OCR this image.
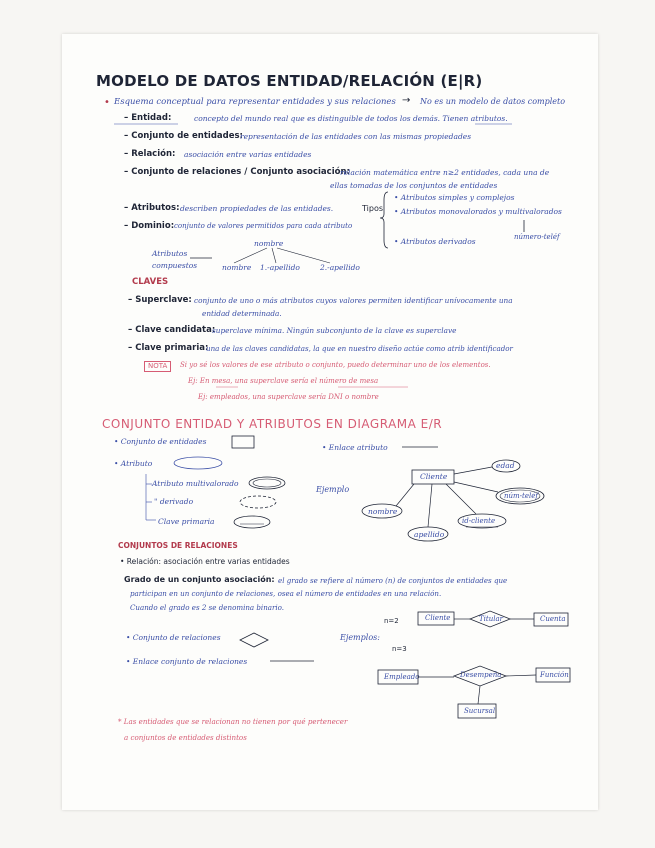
MODELO DE DATOS ENTIDAD/RELACIÓN (E|R)
• Esquema conceptual para representar entidades y sus relaciones → No es un modelo de datos completo
– Entidad:	concepto del mundo real que es distinguible de todos los demás. Tienen atributos.
– Conjunto de entidades:
representación de las entidades con las mismas propiedades
– Relación: asociación entre varias entidades
– Conjunto de relaciones / Conjunto asociación:
relación matemática entre n≥2 entidades, cada una de
ellas tomadas de los conjuntos de entidades
– Atributos: describen propiedades de las entidades.	Tipos
• Atributos simples y complejos
• Atributos monovalorados y multivalorados
número-teléf
• Atributos derivados
– Dominio: conjunto de valores permitidos para cada atributo
Atributos
compuestos
nombre
nombre 1.-apellido	2.-apellido
CLAVES
– Superclave: conjunto de uno o más atributos cuyos valores permiten identificar unívocamente una
entidad determinada.
– Clave candidata:
superclave mínima. Ningún subconjunto de la clave es superclave
– Clave primaria:
una de las claves candidatas, la que en nuestro diseño actúe como atrib identificador
NOTA	Si yo sé los valores de ese atributo o conjunto, puedo determinar uno de los elementos.
Ej: En mesa, una superclave sería el número de mesa
Ej: empleados, una superclave sería DNI o nombre
CONJUNTO ENTIDAD Y ATRIBUTOS EN DIAGRAMA E/R
• Conjunto de entidades
• Atributo
Atributo multivalorado
" derivado
Clave primaria
• Enlace atributo
Ejemplo
Cliente
edad
núm-teléf
nombre
apellido
id-cliente
CONJUNTOS DE RELACIONES
• Relación: asociación entre varias entidades
Grado de un conjunto asociación: el grado se refiere al número (n) de conjuntos de entidades que
participan en un conjunto de relaciones, osea el número de entidades en una relación.
Cuando el grado es 2 se denomina binario.
• Conjunto de relaciones
• Enlace conjunto de relaciones
Ejemplos:
n=2
n=3
Cliente	Titular	Cuenta
Empleado	Desempeña	Función
Sucursal
* Las entidades que se relacionan no tienen por qué pertenecer
a conjuntos de entidades distintos
